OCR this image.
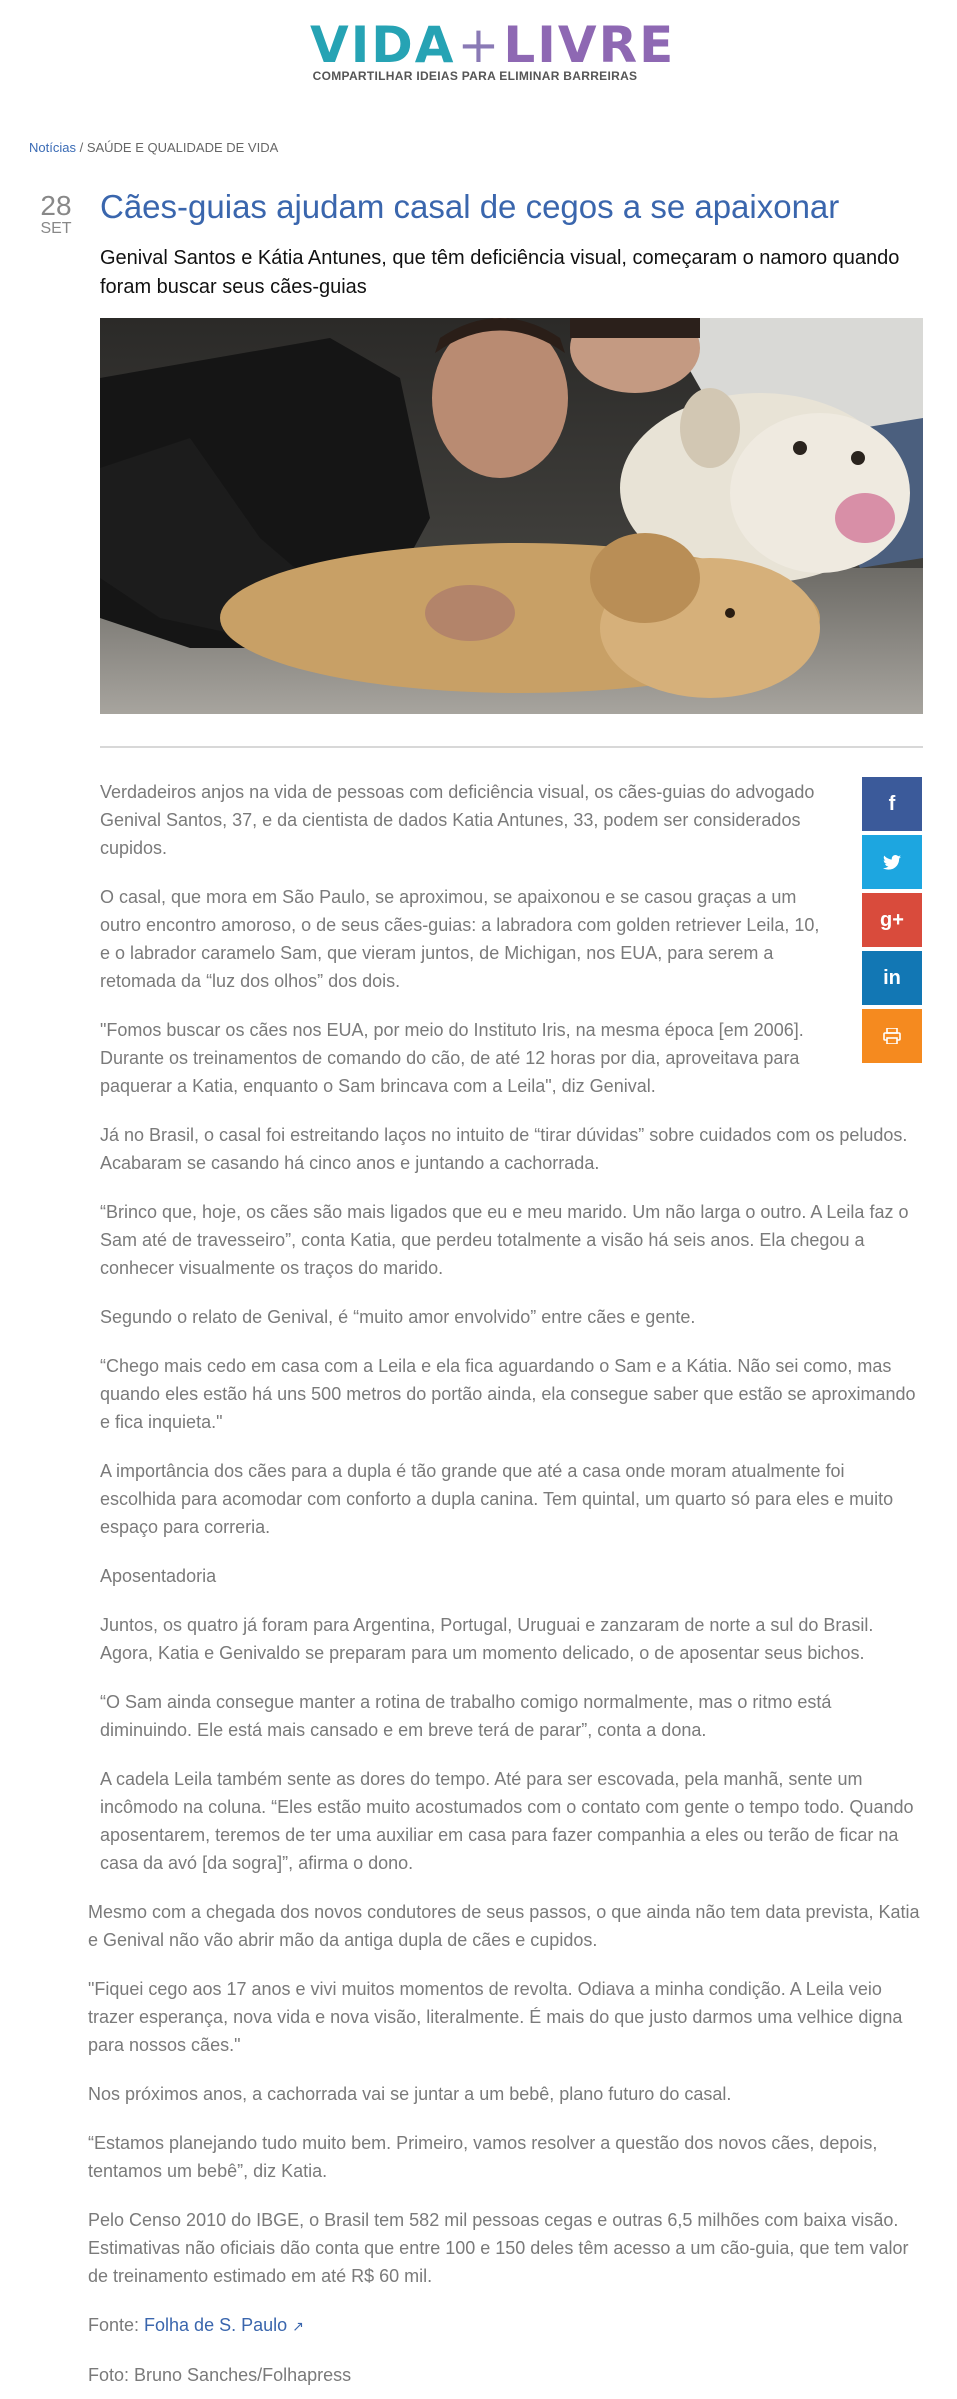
VIDA+LIVRE
COMPARTILHAR IDEIAS PARA ELIMINAR BARREIRAS
Notícias / SAÚDE E QUALIDADE DE VIDA
28
SET
Cães-guias ajudam casal de cegos a se apaixonar
Genival Santos e Kátia Antunes, que têm deficiência visual, começaram o namoro quando foram buscar seus cães-guias
f
g+
in

Verdadeiros anjos na vida de pessoas com deficiência visual, os cães-guias do advogado Genival Santos, 37, e da cientista de dados Katia Antunes, 33, podem ser considerados cupidos.

O casal, que mora em São Paulo, se aproximou, se apaixonou e se casou graças a um outro encontro amoroso, o de seus cães-guias: a labradora com golden retriever Leila, 10, e o labrador caramelo Sam, que vieram juntos, de Michigan, nos EUA, para serem a retomada da “luz dos olhos” dos dois.

"Fomos buscar os cães nos EUA, por meio do Instituto Iris, na mesma época [em 2006]. Durante os treinamentos de comando do cão, de até 12 horas por dia, aproveitava para paquerar a Katia, enquanto o Sam brincava com a Leila", diz Genival.

Já no Brasil, o casal foi estreitando laços no intuito de “tirar dúvidas” sobre cuidados com os peludos. Acabaram se casando há cinco anos e juntando a cachorrada.

“Brinco que, hoje, os cães são mais ligados que eu e meu marido. Um não larga o outro. A Leila faz o Sam até de travesseiro”, conta Katia, que perdeu totalmente a visão há seis anos. Ela chegou a conhecer visualmente os traços do marido.

Segundo o relato de Genival, é “muito amor envolvido” entre cães e gente.

“Chego mais cedo em casa com a Leila e ela fica aguardando o Sam e a Kátia. Não sei como, mas quando eles estão há uns 500 metros do portão ainda, ela consegue saber que estão se aproximando e fica inquieta."

A importância dos cães para a dupla é tão grande que até a casa onde moram atualmente foi escolhida para acomodar com conforto a dupla canina. Tem quintal, um quarto só para eles e muito espaço para correria.

Aposentadoria

Juntos, os quatro já foram para Argentina, Portugal, Uruguai e zanzaram de norte a sul do Brasil. Agora, Katia e Genivaldo se preparam para um momento delicado, o de aposentar seus bichos.

“O Sam ainda consegue manter a rotina de trabalho comigo normalmente, mas o ritmo está diminuindo. Ele está mais cansado e em breve terá de parar”, conta a dona.

A cadela Leila também sente as dores do tempo. Até para ser escovada, pela manhã, sente um incômodo na coluna. “Eles estão muito acostumados com o contato com gente o tempo todo. Quando aposentarem, teremos de ter uma auxiliar em casa para fazer companhia a eles ou terão de ficar na casa da avó [da sogra]”, afirma o dono.

Mesmo com a chegada dos novos condutores de seus passos, o que ainda não tem data prevista, Katia e Genival não vão abrir mão da antiga dupla de cães e cupidos.

"Fiquei cego aos 17 anos e vivi muitos momentos de revolta. Odiava a minha condição. A Leila veio trazer esperança, nova vida e nova visão, literalmente. É mais do que justo darmos uma velhice digna para nossos cães."

Nos próximos anos, a cachorrada vai se juntar a um bebê, plano futuro do casal.

“Estamos planejando tudo muito bem. Primeiro, vamos resolver a questão dos novos cães, depois, tentamos um bebê”, diz Katia.

Pelo Censo 2010 do IBGE, o Brasil tem 582 mil pessoas cegas e outras 6,5 milhões com baixa visão. Estimativas não oficiais dão conta que entre 100 e 150 deles têm acesso a um cão-guia, que tem valor de treinamento estimado em até R$ 60 mil.

Fonte: Folha de S. Paulo ↗

Foto: Bruno Sanches/Folhapress
